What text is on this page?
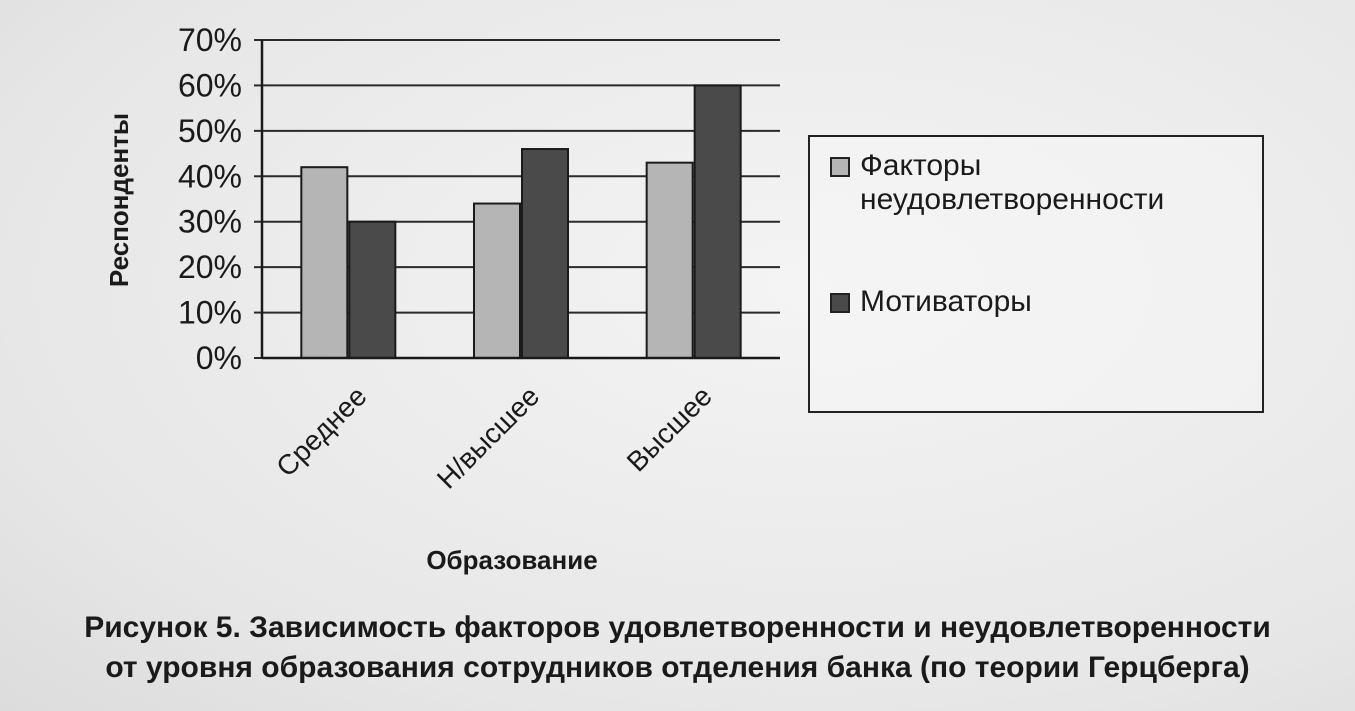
0%
10%
20%
30%
40%
50%
60%
70%
Среднее Н/высшее	Высшее
Респонденты
Образование
Факторы неудовлетворенности
Мотиваторы
Рисунок 5. Зависимость факторов удовлетворенности и неудовлетворенности
от уровня образования сотрудников отделения банка (по теории Герцберга)
